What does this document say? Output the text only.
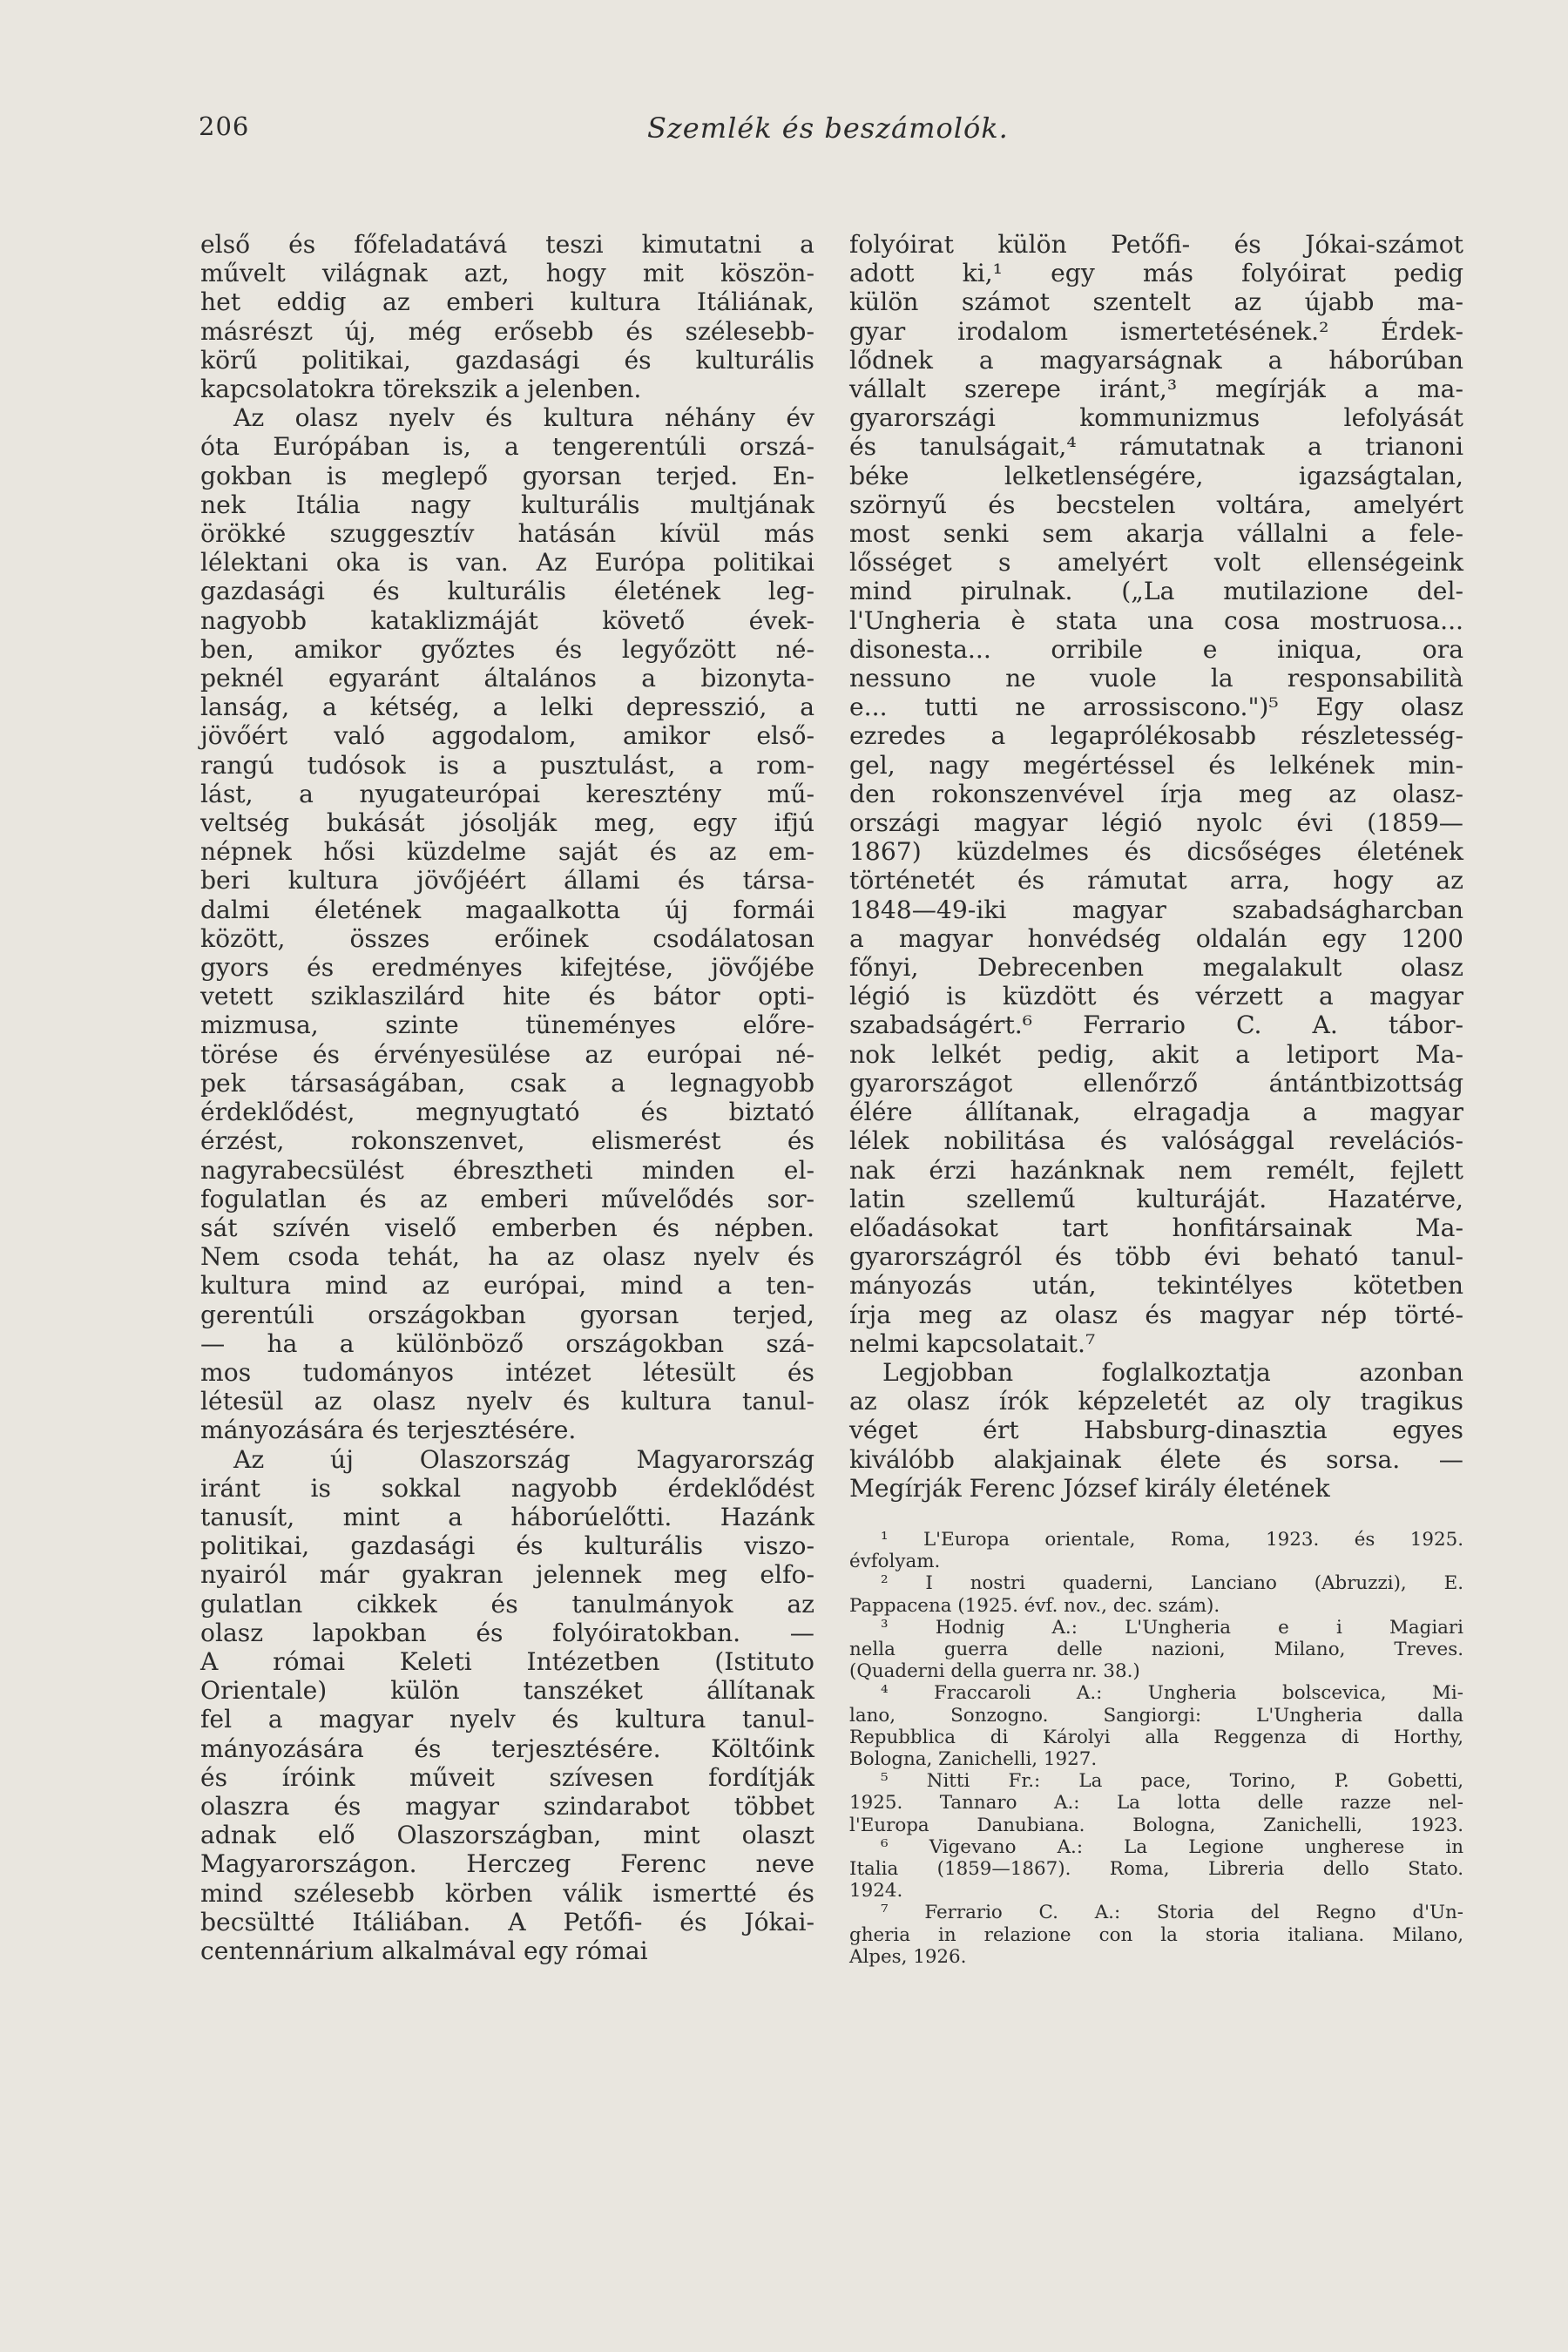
206	Szemlék és beszámolók.
első és főfeladatává teszi kimutatni a
művelt világnak azt, hogy mit köszön-
het eddig az emberi kultura Itáliának,
másrészt új, még erősebb és szélesebb-
körű politikai, gazdasági és kulturális
kapcsolatokra törekszik a jelenben.
Az olasz nyelv és kultura néhány év
óta Európában is, a tengerentúli orszá-
gokban is meglepő gyorsan terjed. En-
nek Itália nagy kulturális multjának
örökké szuggesztív hatásán kívül más
lélektani oka is van. Az Európa politikai
gazdasági és kulturális életének leg-
nagyobb kataklizmáját követő évek-
ben, amikor győztes és legyőzött né-
peknél egyaránt általános a bizonyta-
lanság, a kétség, a lelki depresszió, a
jövőért való aggodalom, amikor első-
rangú tudósok is a pusztulást, a rom-
lást, a nyugateurópai keresztény mű-
veltség bukását jósolják meg, egy ifjú
népnek hősi küzdelme saját és az em-
beri kultura jövőjéért állami és társa-
dalmi életének magaalkotta új formái
között, összes erőinek csodálatosan
gyors és eredményes kifejtése, jövőjébe
vetett sziklaszilárd hite és bátor opti-
mizmusa, szinte tüneményes előre-
törése és érvényesülése az európai né-
pek társaságában, csak a legnagyobb
érdeklődést, megnyugtató és biztató
érzést, rokonszenvet, elismerést és
nagyrabecsülést ébresztheti minden el-
fogulatlan és az emberi művelődés sor-
sát szívén viselő emberben és népben.
Nem csoda tehát, ha az olasz nyelv és
kultura mind az európai, mind a ten-
gerentúli országokban gyorsan terjed,
— ha a különböző országokban szá-
mos tudományos intézet létesült és
létesül az olasz nyelv és kultura tanul-
mányozására és terjesztésére.
Az új Olaszország Magyarország
iránt is sokkal nagyobb érdeklődést
tanusít, mint a háborúelőtti. Hazánk
politikai, gazdasági és kulturális viszo-
nyairól már gyakran jelennek meg elfo-
gulatlan cikkek és tanulmányok az
olasz lapokban és folyóiratokban. —
A római Keleti Intézetben (Istituto
Orientale) külön tanszéket állítanak
fel a magyar nyelv és kultura tanul-
mányozására és terjesztésére. Költőink
és íróink műveit szívesen fordítják
olaszra és magyar szindarabot többet
adnak elő Olaszországban, mint olaszt
Magyarországon. Herczeg Ferenc neve
mind szélesebb körben válik ismertté és
becsültté Itáliában. A Petőfi- és Jókai-
centennárium alkalmával egy római
folyóirat külön Petőfi- és Jókai-számot
adott ki,¹ egy más folyóirat pedig
külön számot szentelt az újabb ma-
gyar irodalom ismertetésének.² Érdek-
lődnek a magyarságnak a háborúban
vállalt szerepe iránt,³ megírják a ma-
gyarországi kommunizmus lefolyását
és tanulságait,⁴ rámutatnak a trianoni
béke lelketlenségére, igazságtalan,
szörnyű és becstelen voltára, amelyért
most senki sem akarja vállalni a fele-
lősséget s amelyért volt ellenségeink
mind pirulnak. („La mutilazione del-
l'Ungheria è stata una cosa mostruosa...
disonesta... orribile e iniqua, ora
nessuno ne vuole la responsabilità
e... tutti ne arrossiscono.")⁵ Egy olasz
ezredes a legaprólékosabb részletesség-
gel, nagy megértéssel és lelkének min-
den rokonszenvével írja meg az olasz-
országi magyar légió nyolc évi (1859—
1867) küzdelmes és dicsőséges életének
történetét és rámutat arra, hogy az
1848—49-iki magyar szabadságharcban
a magyar honvédség oldalán egy 1200
főnyi, Debrecenben megalakult olasz
légió is küzdött és vérzett a magyar
szabadságért.⁶ Ferrario C. A. tábor-
nok lelkét pedig, akit a letiport Ma-
gyarországot ellenőrző ántántbizottság
élére állítanak, elragadja a magyar
lélek nobilitása és valósággal revelációs-
nak érzi hazánknak nem remélt, fejlett
latin szellemű kulturáját. Hazatérve,
előadásokat tart honfitársainak Ma-
gyarországról és több évi beható tanul-
mányozás után, tekintélyes kötetben
írja meg az olasz és magyar nép törté-
nelmi kapcsolatait.⁷
Legjobban foglalkoztatja azonban
az olasz írók képzeletét az oly tragikus
véget ért Habsburg-dinasztia egyes
kiválóbb alakjainak élete és sorsa. —
Megírják Ferenc József király életének
¹ L'Europa orientale, Roma, 1923. és 1925.
évfolyam.
² I nostri quaderni, Lanciano (Abruzzi), E.
Pappacena (1925. évf. nov., dec. szám).
³ Hodnig A.: L'Ungheria e i Magiari
nella guerra delle nazioni, Milano, Treves.
(Quaderni della guerra nr. 38.)
⁴ Fraccaroli A.: Ungheria bolscevica, Mi-
lano, Sonzogno. Sangiorgi: L'Ungheria dalla
Repubblica di Károlyi alla Reggenza di Horthy,
Bologna, Zanichelli, 1927.
⁵ Nitti Fr.: La pace, Torino, P. Gobetti,
1925. Tannaro A.: La lotta delle razze nel-
l'Europa Danubiana. Bologna, Zanichelli, 1923.
⁶ Vigevano A.: La Legione ungherese in
Italia (1859—1867). Roma, Libreria dello Stato.
1924.
⁷ Ferrario C. A.: Storia del Regno d'Un-
gheria in relazione con la storia italiana. Milano,
Alpes, 1926.
